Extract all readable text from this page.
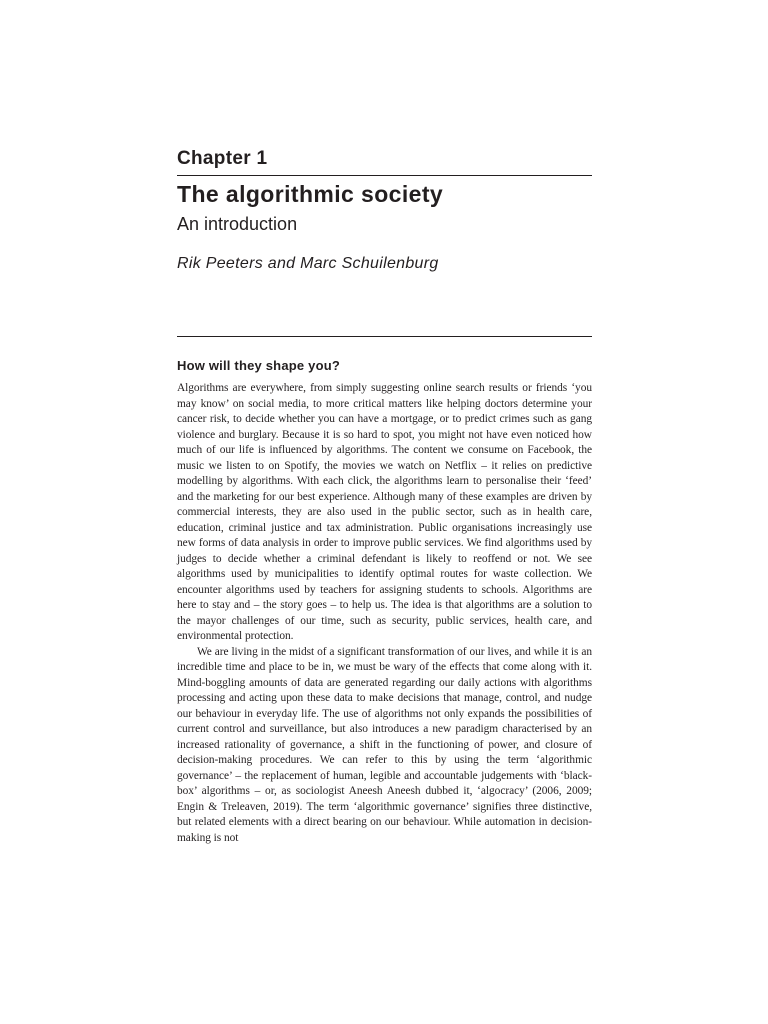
Chapter 1
The algorithmic society
An introduction
Rik Peeters and Marc Schuilenburg
How will they shape you?

Algorithms are everywhere, from simply suggesting online search results or friends ‘you may know’ on social media, to more critical matters like helping doctors determine your cancer risk, to decide whether you can have a mortgage, or to predict crimes such as gang violence and burglary. Because it is so hard to spot, you might not have even noticed how much of our life is influenced by algorithms. The content we consume on Facebook, the music we listen to on Spotify, the movies we watch on Netflix – it relies on predictive modelling by algorithms. With each click, the algorithms learn to personalise their ‘feed’ and the marketing for our best experience. Although many of these examples are driven by commercial interests, they are also used in the public sector, such as in health care, education, criminal justice and tax administration. Public organisations increasingly use new forms of data analysis in order to improve public services. We find algorithms used by judges to decide whether a criminal defendant is likely to reoffend or not. We see algorithms used by municipalities to identify optimal routes for waste collection. We encounter algorithms used by teachers for assigning students to schools. Algorithms are here to stay and – the story goes – to help us. The idea is that algorithms are a solution to the mayor challenges of our time, such as security, public services, health care, and environmental protection.

We are living in the midst of a significant transformation of our lives, and while it is an incredible time and place to be in, we must be wary of the effects that come along with it. Mind-boggling amounts of data are generated regarding our daily actions with algorithms processing and acting upon these data to make decisions that manage, control, and nudge our behaviour in everyday life. The use of algorithms not only expands the possibilities of current control and surveillance, but also introduces a new paradigm characterised by an increased rationality of governance, a shift in the functioning of power, and closure of decision-making procedures. We can refer to this by using the term ‘algorithmic governance’ – the replacement of human, legible and accountable judgements with ‘black-box’ algorithms – or, as sociologist Aneesh Aneesh dubbed it, ‘algocracy’ (2006, 2009; Engin & Treleaven, 2019). The term ‘algorithmic governance’ signifies three distinctive, but related elements with a direct bearing on our behaviour. While automation in decision-making is not
